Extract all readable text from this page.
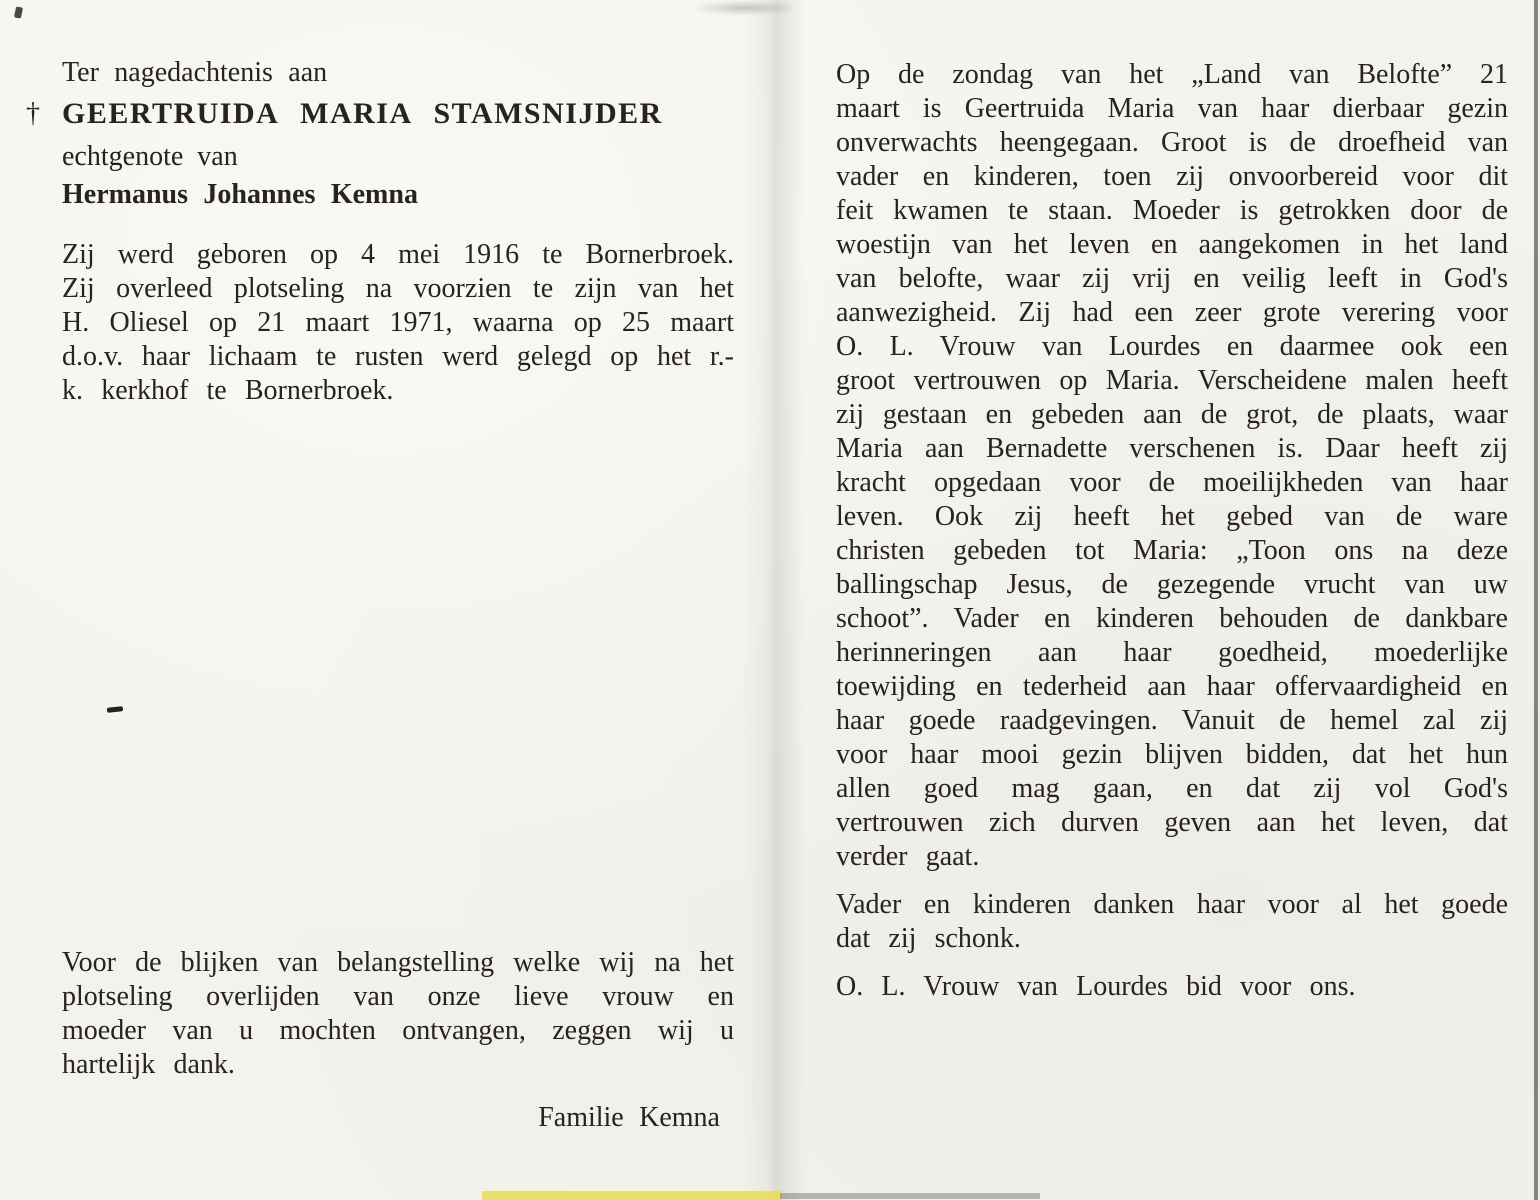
Ter nagedachtenis aan
† GEERTRUIDA MARIA STAMSNIJDER
echtgenote van
Hermanus Johannes Kemna
Zij werd geboren op 4 mei 1916 te Bornerbroek. Zij overleed plotseling na voorzien te zijn van het H. Oliesel op 21 maart 1971, waarna op 25 maart d.o.v. haar lichaam te rusten werd gelegd op het r.-k. kerkhof te Bornerbroek.
Voor de blijken van belangstelling welke wij na het plotseling overlijden van onze lieve vrouw en moeder van u mochten ontvangen, zeggen wij u hartelijk dank.
Familie Kemna
Op de zondag van het „Land van Belofte” 21 maart is Geertruida Maria van haar dierbaar gezin onverwachts heengegaan. Groot is de droefheid van vader en kinderen, toen zij onvoorbereid voor dit feit kwamen te staan. Moeder is getrokken door de woestijn van het leven en aangekomen in het land van belofte, waar zij vrij en veilig leeft in God's aanwezigheid. Zij had een zeer grote verering voor O. L. Vrouw van Lourdes en daarmee ook een groot vertrouwen op Maria. Verscheidene malen heeft zij gestaan en gebeden aan de grot, de plaats, waar Maria aan Bernadette verschenen is. Daar heeft zij kracht opgedaan voor de moeilijkheden van haar leven. Ook zij heeft het gebed van de ware christen gebeden tot Maria: „Toon ons na deze ballingschap Jesus, de gezegende vrucht van uw schoot”. Vader en kinderen behouden de dankbare herinneringen aan haar goedheid, moederlijke toewijding en tederheid aan haar offervaardigheid en haar goede raadgevingen. Vanuit de hemel zal zij voor haar mooi gezin blijven bidden, dat het hun allen goed mag gaan, en dat zij vol God's vertrouwen zich durven geven aan het leven, dat verder gaat.
Vader en kinderen danken haar voor al het goede dat zij schonk.
O. L. Vrouw van Lourdes bid voor ons.
